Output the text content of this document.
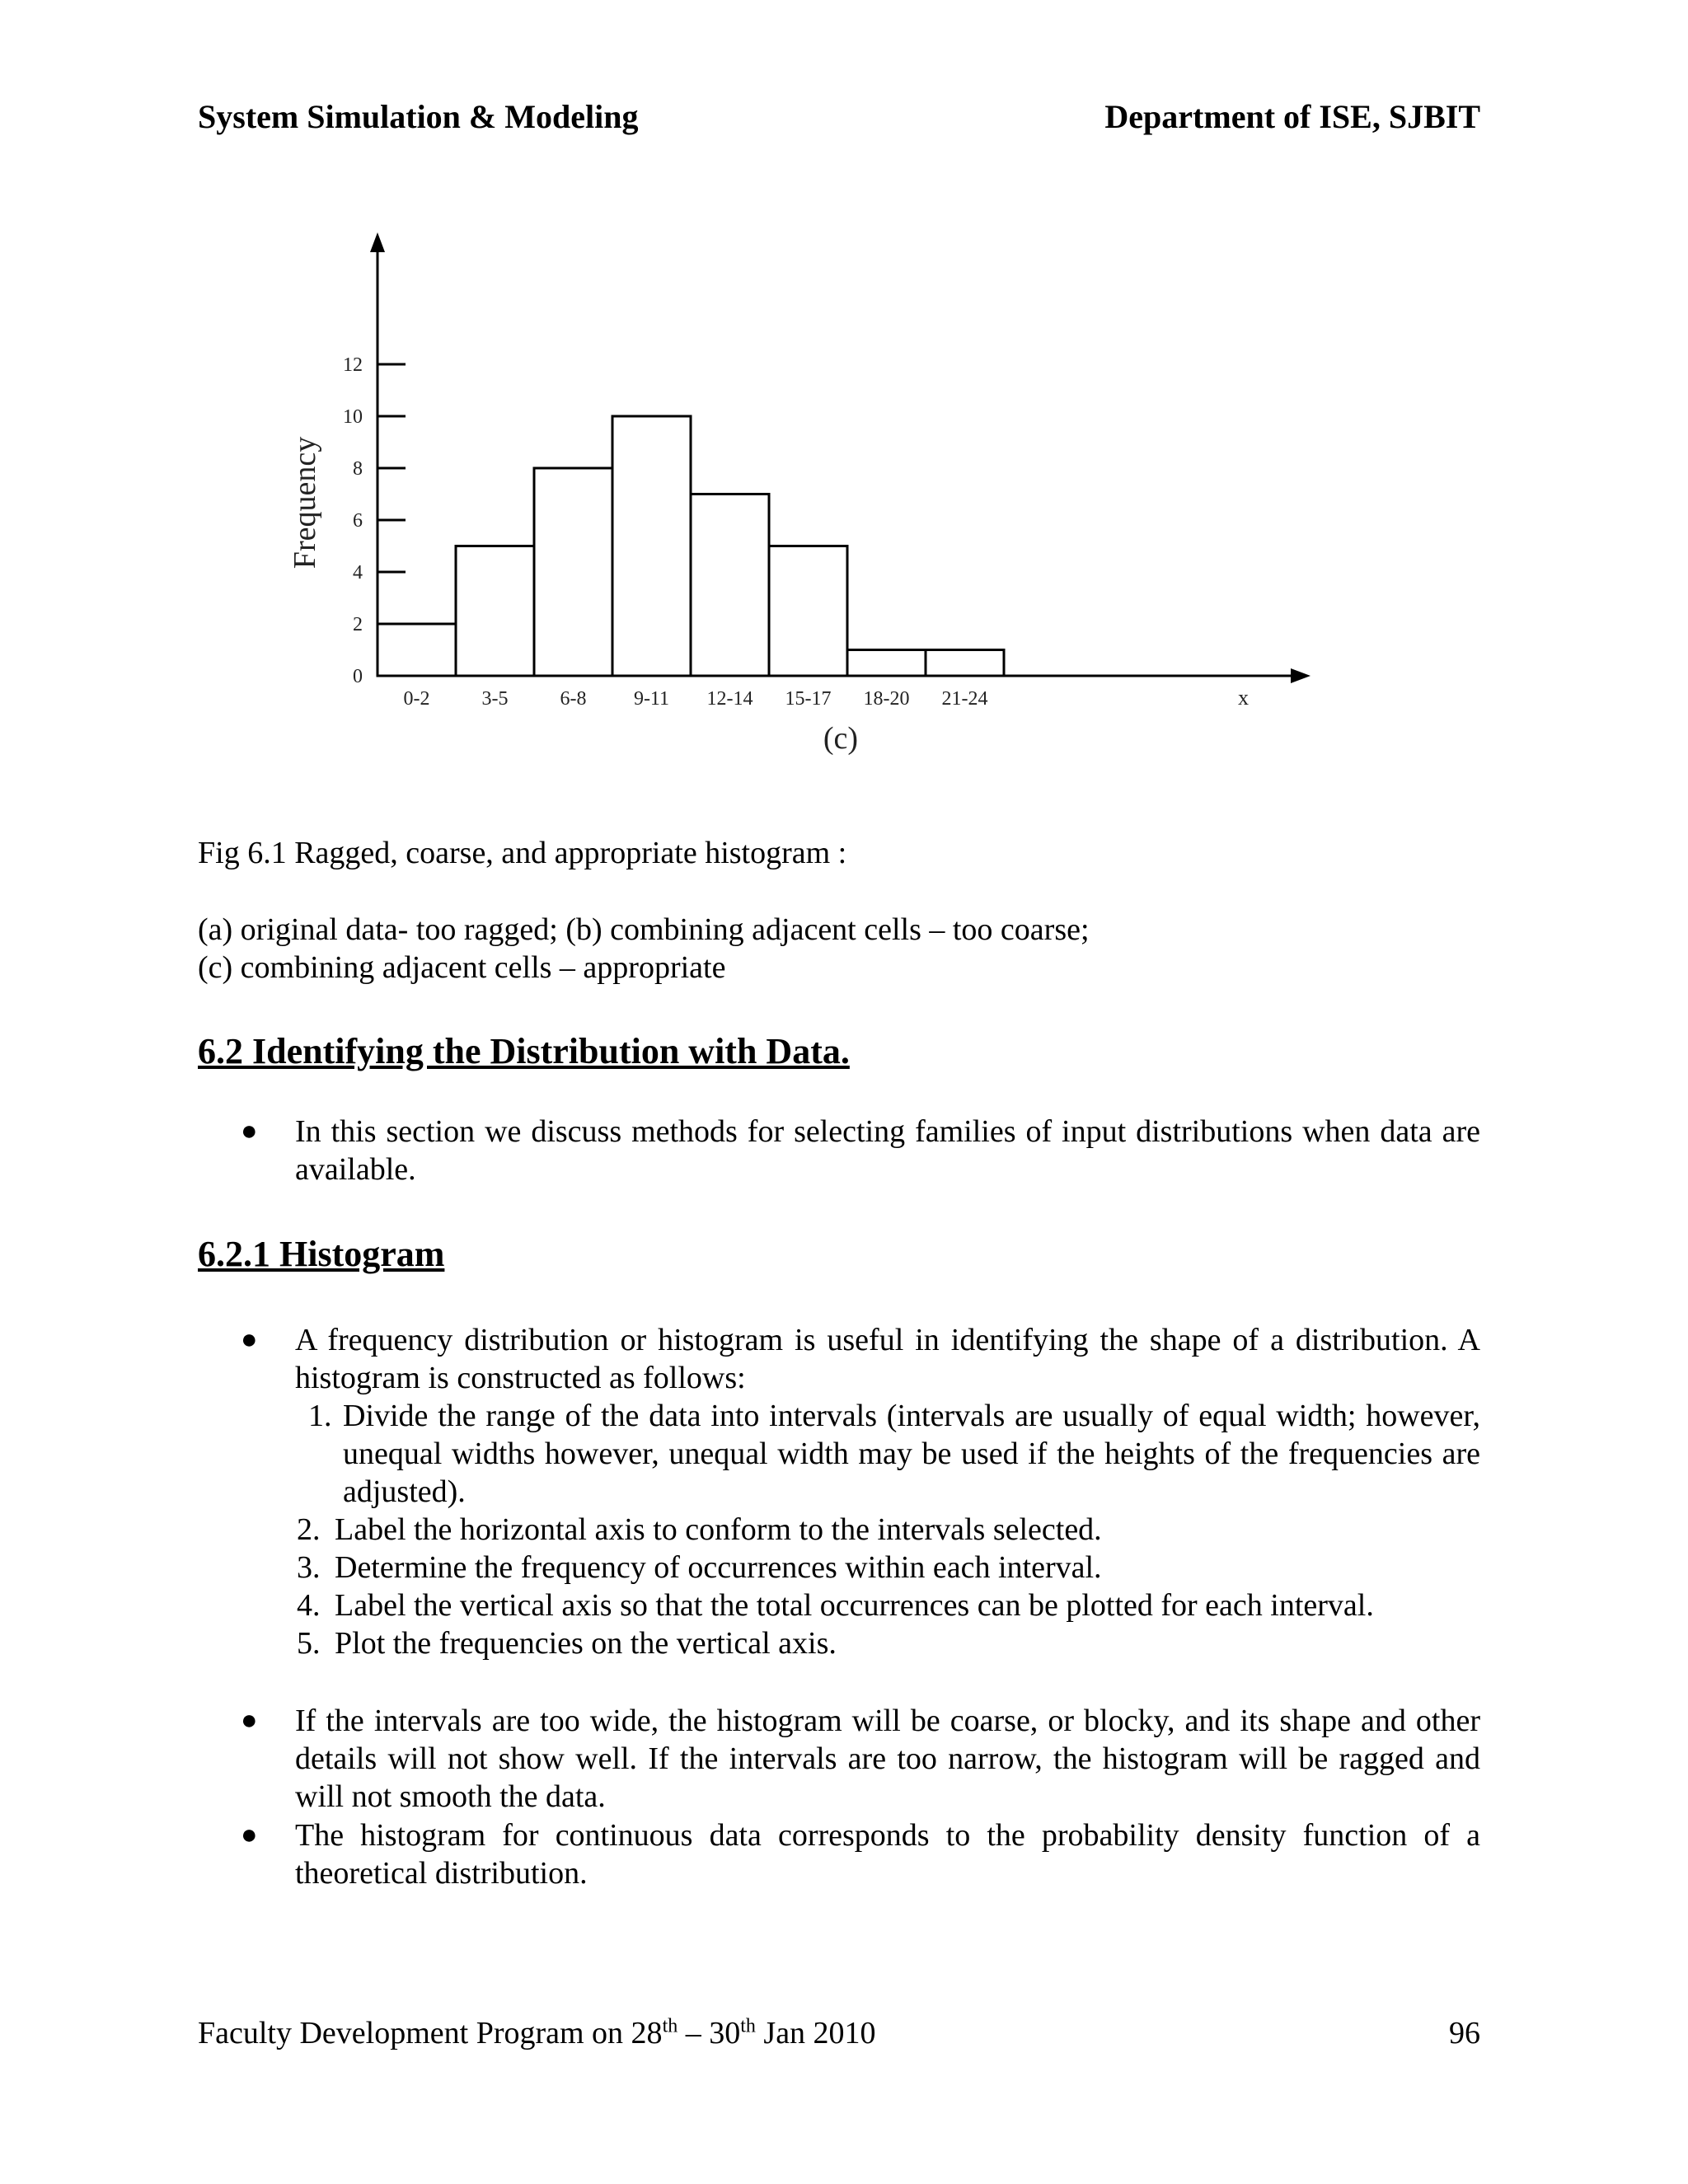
System Simulation & Modeling	Department of ISE, SJBIT
0
2
4
6
8
10
12
0-2	3-5	6-8 9-11 12-14 15-17 18-20 21-24
Frequency
x
(c)
Fig 6.1 Ragged, coarse, and appropriate histogram :
(a) original data- too ragged; (b) combining adjacent cells – too coarse;
(c) combining adjacent cells – appropriate
6.2 Identifying the Distribution with Data.
● In this section we discuss methods for selecting families of input distributions when data are available.
6.2.1 Histogram
● A frequency distribution or histogram is useful in identifying the shape of a distribution. A histogram is constructed as follows:
1. Divide the range of the data into intervals (intervals are usually of equal width; however, unequal widths however, unequal width may be used if the heights of the frequencies are adjusted).
2. Label the horizontal axis to conform to the intervals selected.
3. Determine the frequency of occurrences within each interval.
4. Label the vertical axis so that the total occurrences can be plotted for each interval.
5. Plot the frequencies on the vertical axis.
● If the intervals are too wide, the histogram will be coarse, or blocky, and its shape and other details will not show well. If the intervals are too narrow, the histogram will be ragged and will not smooth the data.
● The histogram for continuous data corresponds to the probability density function of a theoretical distribution.
Faculty Development Program on 28th – 30th Jan 2010	96
